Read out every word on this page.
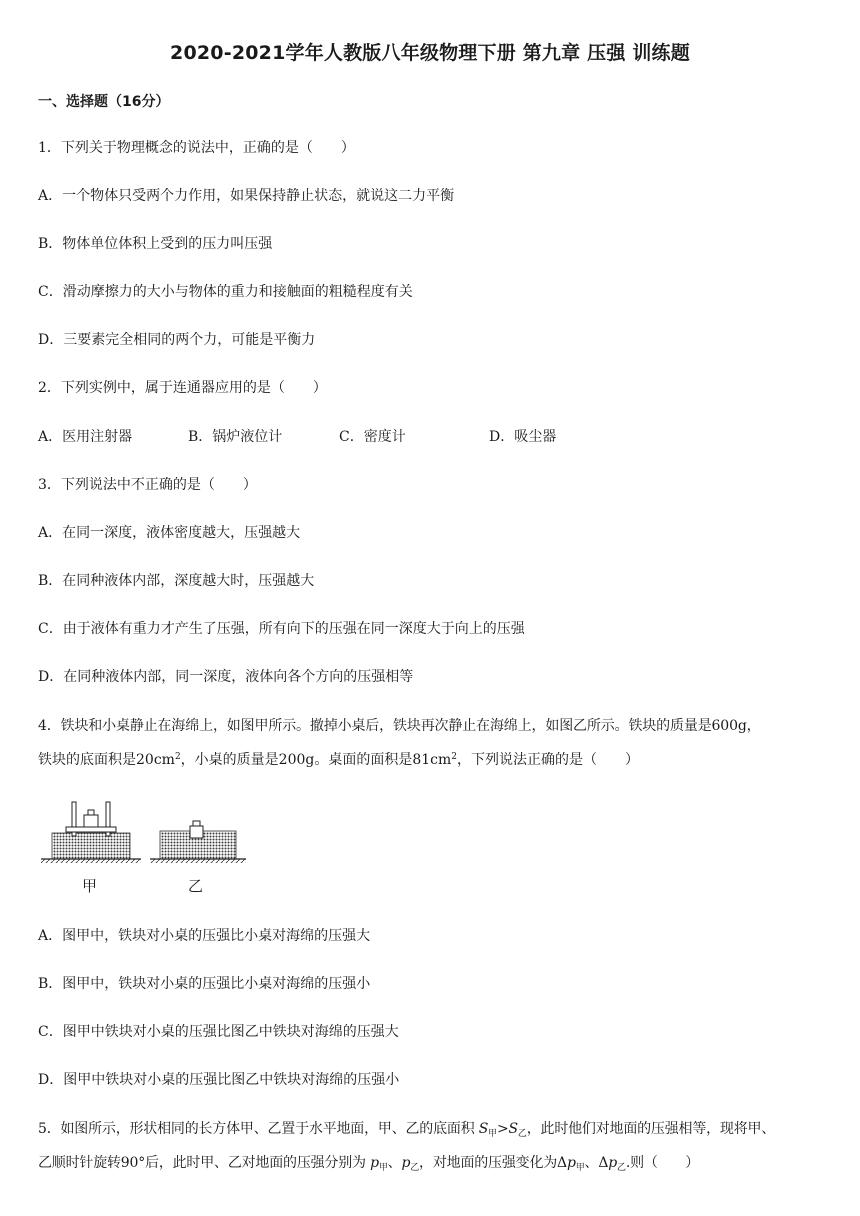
2020-2021学年人教版八年级物理下册 第九章 压强 训练题
一、选择题（16分）
1．下列关于物理概念的说法中，正确的是（　　）
A．一个物体只受两个力作用，如果保持静止状态，就说这二力平衡
B．物体单位体积上受到的压力叫压强
C．滑动摩擦力的大小与物体的重力和接触面的粗糙程度有关
D．三要素完全相同的两个力，可能是平衡力
2．下列实例中，属于连通器应用的是（　　）
A．医用注射器	B．锅炉液位计	C．密度计	D．吸尘器
3．下列说法中不正确的是（　　）
A．在同一深度，液体密度越大，压强越大
B．在同种液体内部，深度越大时，压强越大
C．由于液体有重力才产生了压强，所有向下的压强在同一深度大于向上的压强
D．在同种液体内部，同一深度，液体向各个方向的压强相等
4．铁块和小桌静止在海绵上，如图甲所示。撤掉小桌后，铁块再次静止在海绵上，如图乙所示。铁块的质量是600g，
铁块的底面积是$20cm^2$，小桌的质量是200g。桌面的面积是$81cm^2$，下列说法正确的是（　　）
甲	乙
A．图甲中，铁块对小桌的压强比小桌对海绵的压强大
B．图甲中，铁块对小桌的压强比小桌对海绵的压强小
C．图甲中铁块对小桌的压强比图乙中铁块对海绵的压强大
D．图甲中铁块对小桌的压强比图乙中铁块对海绵的压强小
5．如图所示，形状相同的长方体甲、乙置于水平地面，甲、乙的底面积 $S_甲>S_乙$，此时他们对地面的压强相等，现将甲、
乙顺时针旋转90°后，此时甲、乙对地面的压强分别为 $p_甲$、$p_乙$，对地面的压强变化为$\Delta p_甲$、$\Delta p_乙$.则（　　）
